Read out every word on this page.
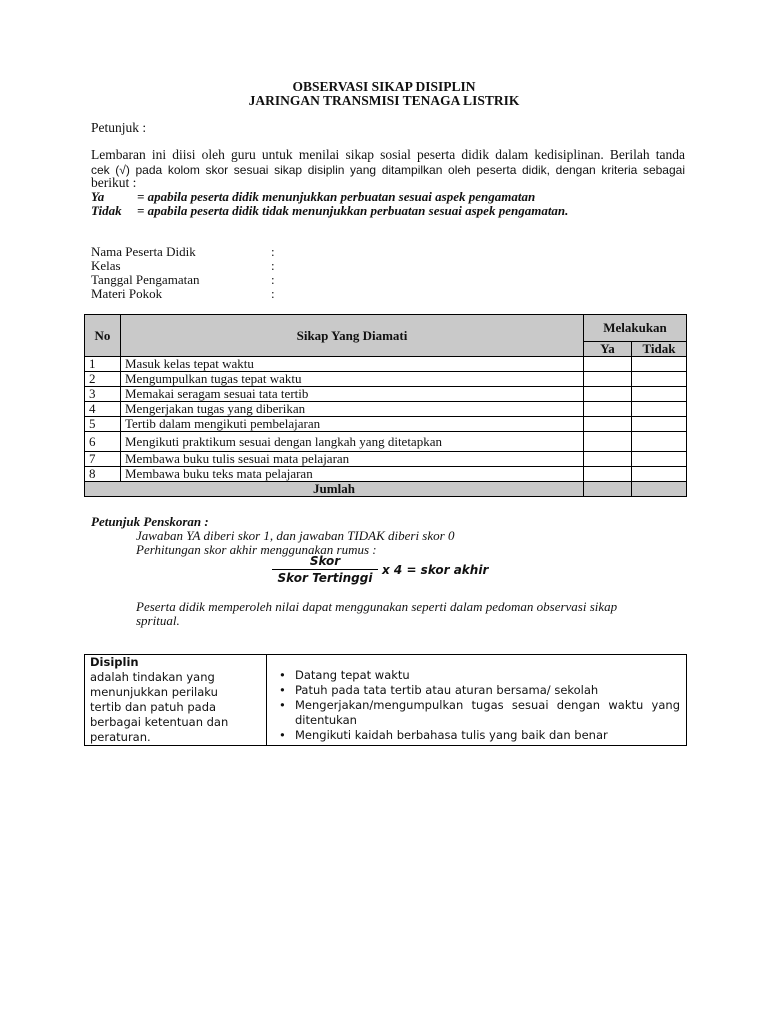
OBSERVASI SIKAP DISIPLIN
JARINGAN TRANSMISI TENAGA LISTRIK
Petunjuk :
Lembaran ini diisi oleh guru untuk menilai sikap sosial peserta didik dalam kedisiplinan. Berilah tanda
cek (√) pada kolom skor sesuai sikap disiplin yang ditampilkan oleh peserta didik, dengan kriteria sebagai
berikut :
Ya	= apabila peserta didik menunjukkan perbuatan sesuai aspek pengamatan
Tidak = apabila peserta didik tidak menunjukkan perbuatan sesuai aspek pengamatan.
Nama Peserta Didik	:
Kelas	:
Tanggal Pengamatan	:
Materi Pokok	:
No	Sikap Yang Diamati	Melakukan	
		Ya	Tidak
1	Masuk kelas tepat waktu		
2	Mengumpulkan tugas tepat waktu		
3	Memakai seragam sesuai tata tertib		
4	Mengerjakan tugas yang diberikan		
5	Tertib dalam mengikuti pembelajaran		
6	Mengikuti praktikum sesuai dengan langkah yang ditetapkan		
7	Membawa buku tulis sesuai mata pelajaran		
8	Membawa buku teks mata pelajaran		
Jumlah			
Petunjuk Penskoran :
Jawaban YA diberi skor 1, dan jawaban TIDAK diberi skor 0
Perhitungan skor akhir menggunakan rumus :
Skor
Skor Tertinggi
x 4 = skor akhir
Peserta didik memperoleh nilai dapat menggunakan seperti dalam pedoman observasi sikap
spritual.
Disiplin
adalah tindakan yang menunjukkan perilaku tertib dan patuh pada berbagai ketentuan dan peraturan.

• Datang tepat waktu
• Patuh pada tata tertib atau aturan bersama/ sekolah
• Mengerjakan/mengumpulkan tugas sesuai dengan waktu yang ditentukan
• Mengikuti kaidah berbahasa tulis yang baik dan benar
